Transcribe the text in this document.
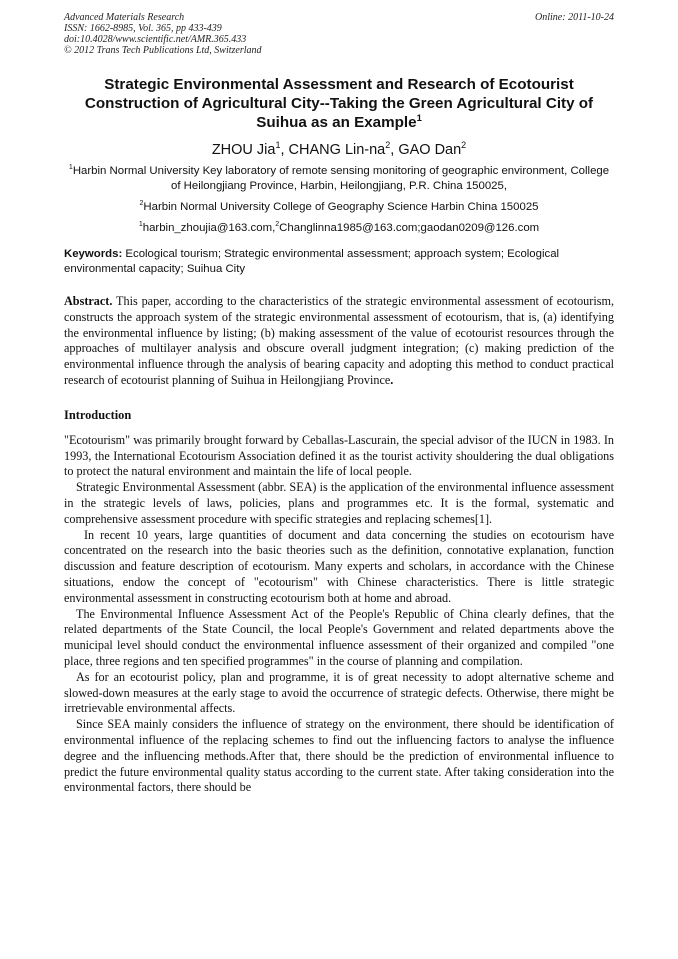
Advanced Materials Research
ISSN: 1662-8985, Vol. 365, pp 433-439
doi:10.4028/www.scientific.net/AMR.365.433
© 2012 Trans Tech Publications Ltd, Switzerland
Online: 2011-10-24
Strategic Environmental Assessment and Research of Ecotourist Construction of Agricultural City--Taking the Green Agricultural City of Suihua as an Example$^1$
ZHOU Jia$^1$, CHANG Lin-$na^2$, GAO Dan$^2$
$^1$Harbin Normal University Key laboratory of remote sensing monitoring of geographic environment, College of Heilongjiang Province, Harbin, Heilongjiang, P.R. China 150025,
$^2$Harbin Normal University College of Geography Science Harbin China 150025
$^1$harbin_zhoujia@163.com,$^2$Changlinna1985@163.com;gaodan0209@126.com
Keywords: Ecological tourism; Strategic environmental assessment; approach system; Ecological environmental capacity; Suihua City
Abstract. This paper, according to the characteristics of the strategic environmental assessment of ecotourism, constructs the approach system of the strategic environmental assessment of ecotourism, that is, (a) identifying the environmental influence by listing; (b) making assessment of the value of ecotourist resources through the approaches of multilayer analysis and obscure overall judgment integration; (c) making prediction of the environmental influence through the analysis of bearing capacity and adopting this method to conduct practical research of ecotourist planning of Suihua in Heilongjiang Province.
Introduction

"Ecotourism" was primarily brought forward by Ceballas-Lascurain, the special advisor of the IUCN in 1983. In 1993, the International Ecotourism Association defined it as the tourist activity shouldering the dual obligations to protect the natural environment and maintain the life of local people.

Strategic Environmental Assessment (abbr. SEA) is the application of the environmental influence assessment in the strategic levels of laws, policies, plans and programmes etc. It is the formal, systematic and comprehensive assessment procedure with specific strategies and replacing schemes[1].

In recent 10 years, large quantities of document and data concerning the studies on ecotourism have concentrated on the research into the basic theories such as the definition, connotative explanation, function discussion and feature description of ecotourism. Many experts and scholars, in accordance with the Chinese situations, endow the concept of "ecotourism" with Chinese characteristics. There is little strategic environmental assessment in constructing ecotourism both at home and abroad.

The Environmental Influence Assessment Act of the People's Republic of China clearly defines, that the related departments of the State Council, the local People's Government and related departments above the municipal level should conduct the environmental influence assessment of their organized and compiled "one place, three regions and ten specified programmes" in the course of planning and compilation.

As for an ecotourist policy, plan and programme, it is of great necessity to adopt alternative scheme and slowed-down measures at the early stage to avoid the occurrence of strategic defects. Otherwise, there might be irretrievable environmental affects.

Since SEA mainly considers the influence of strategy on the environment, there should be identification of environmental influence of the replacing schemes to find out the influencing factors to analyse the influence degree and the influencing methods.After that, there should be the prediction of environmental influence to predict the future environmental quality status according to the current state. After taking consideration into the environmental factors, there should be
